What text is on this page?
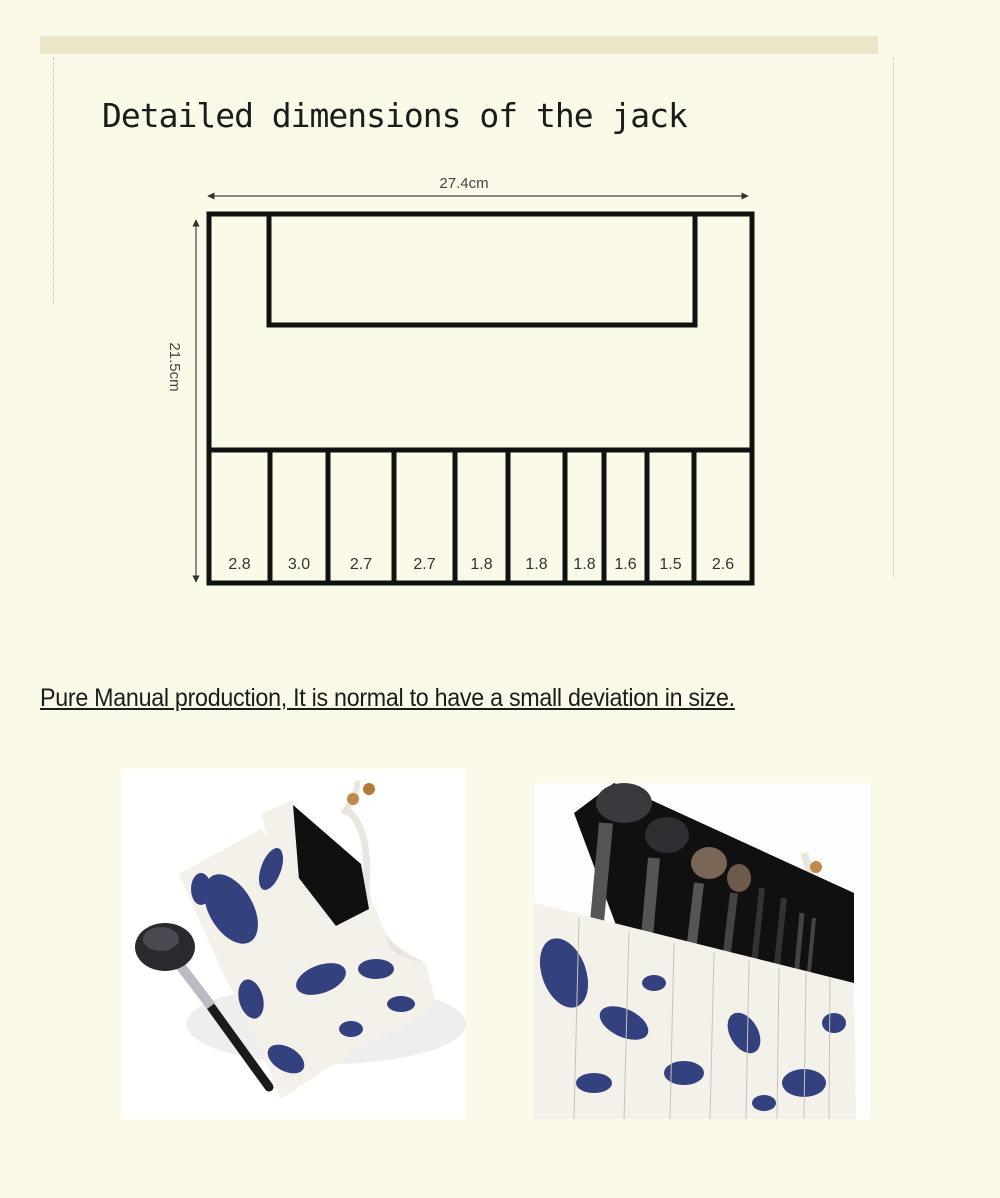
Detailed dimensions of the jack
27.4cm
21.5cm
2.8 3.0 2.7	2.7 1.8 1.8 1.8 1.6 1.5 2.6
Pure Manual production, It is normal to have a small deviation in size.
